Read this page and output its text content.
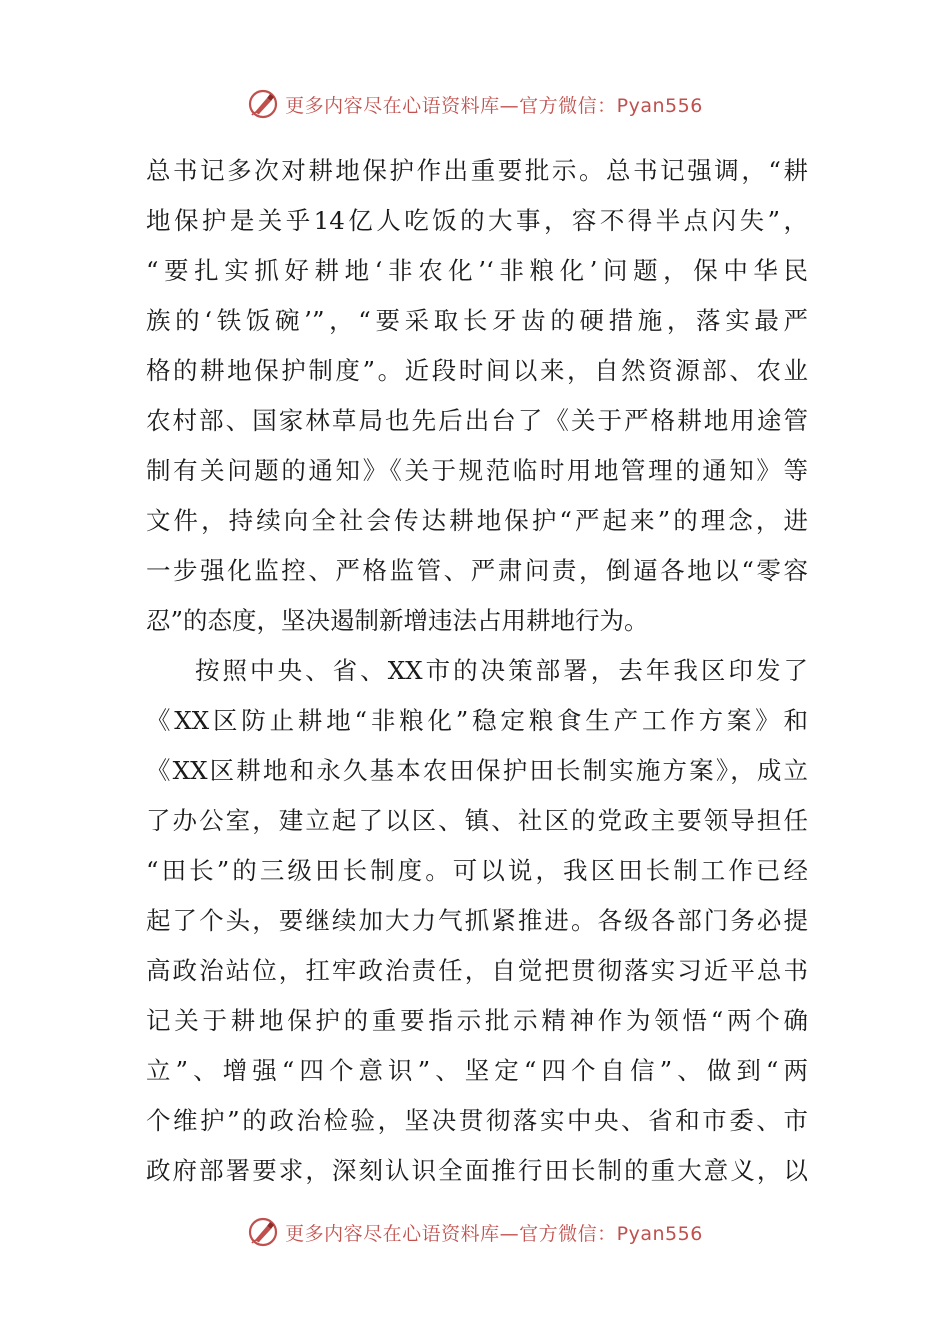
更多内容尽在心语资料库—官方微信：Pyan556
总书记多次对耕地保护作出重要批示。总书记强调，“耕
地保护是关乎14亿人吃饭的大事，容不得半点闪失”，
“要扎实抓好耕地‘非农化’‘非粮化’问题，保中华民
族的‘铁饭碗’”，“要采取长牙齿的硬措施，落实最严
格的耕地保护制度”。近段时间以来，自然资源部、农业
农村部、国家林草局也先后出台了《关于严格耕地用途管
制有关问题的通知》《关于规范临时用地管理的通知》等
文件，持续向全社会传达耕地保护“严起来”的理念，进
一步强化监控、严格监管、严肃问责，倒逼各地以“零容
忍”的态度，坚决遏制新增违法占用耕地行为。
按照中央、省、XX市的决策部署，去年我区印发了
《XX区防止耕地“非粮化”稳定粮食生产工作方案》和
《XX区耕地和永久基本农田保护田长制实施方案》，成立
了办公室，建立起了以区、镇、社区的党政主要领导担任
“田长”的三级田长制度。可以说，我区田长制工作已经
起了个头，要继续加大力气抓紧推进。各级各部门务必提
高政治站位，扛牢政治责任，自觉把贯彻落实习近平总书
记关于耕地保护的重要指示批示精神作为领悟“两个确
立”、增强“四个意识”、坚定“四个自信”、做到“两
个维护”的政治检验，坚决贯彻落实中央、省和市委、市
政府部署要求，深刻认识全面推行田长制的重大意义，以
更多内容尽在心语资料库—官方微信：Pyan556
